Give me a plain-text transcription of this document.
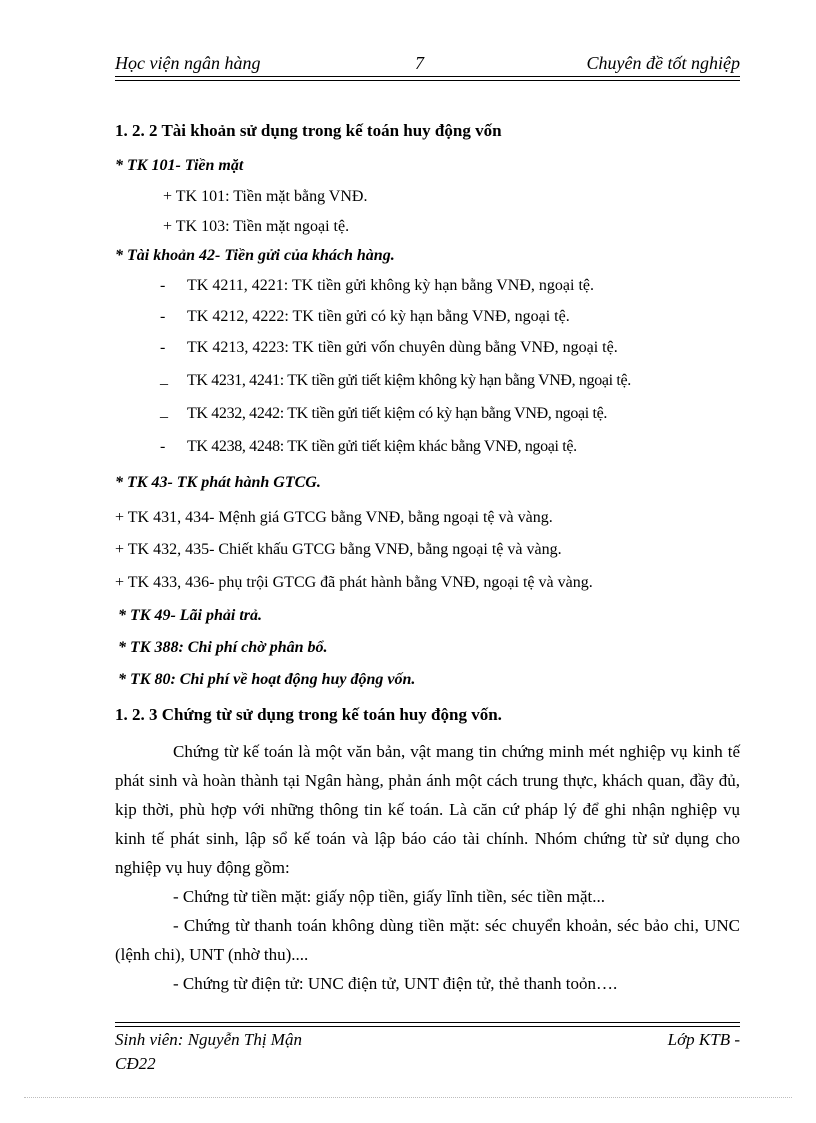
Học viện ngân hàng	7	Chuyên đề tốt nghiệp
1. 2. 2 Tài khoản sử dụng trong kế toán huy động vốn
* TK 101- Tiền mặt
+ TK 101: Tiền mặt bằng VNĐ.
+ TK 103: Tiền mặt ngoại tệ.
* Tài khoản 42- Tiền gửi của khách hàng.
- TK 4211, 4221: TK tiền gửi không kỳ hạn bằng VNĐ, ngoại tệ.
- TK 4212, 4222: TK tiền gửi có kỳ hạn bằng VNĐ, ngoại tệ.
- TK 4213, 4223: TK tiền gửi vốn chuyên dùng bằng VNĐ, ngoại tệ.
_ TK 4231, 4241: TK tiền gửi tiết kiệm không kỳ hạn bằng VNĐ, ngoại tệ.
_ TK 4232, 4242: TK tiền gửi tiết kiệm có kỳ hạn bằng VNĐ, ngoại tệ.
- TK 4238, 4248: TK tiền gửi tiết kiệm khác bằng VNĐ, ngoại tệ.
* TK 43- TK phát hành GTCG.
+ TK 431, 434- Mệnh giá GTCG bằng VNĐ, bằng ngoại tệ và vàng.
+ TK 432, 435- Chiết khấu GTCG bằng VNĐ, bằng ngoại tệ và vàng.
+ TK 433, 436- phụ trội GTCG đã phát hành bằng VNĐ, ngoại tệ và vàng.
* TK 49- Lãi phải trả.
* TK 388: Chi phí chờ phân bổ.
* TK 80: Chi phí về hoạt động huy động vốn.
1. 2. 3 Chứng từ sử dụng trong kế toán huy động vốn.
Chứng từ kế toán là một văn bản, vật mang tin chứng minh mét nghiệp vụ kinh tế phát sinh và hoàn thành tại Ngân hàng, phản ánh một cách trung thực, khách quan, đầy đủ, kịp thời, phù hợp với những thông tin kế toán. Là căn cứ pháp lý để ghi nhận nghiệp vụ kinh tế phát sinh, lập sổ kế toán và lập báo cáo tài chính. Nhóm chứng từ sử dụng cho nghiệp vụ huy động gồm:
- Chứng từ tiền mặt: giấy nộp tiền, giấy lĩnh tiền, séc tiền mặt...
- Chứng từ thanh toán không dùng tiền mặt: séc chuyển khoản, séc bảo chi, UNC (lệnh chi), UNT (nhờ thu)....
- Chứng từ điện tử: UNC điện tử, UNT điện tử, thẻ thanh toỏn….
Sinh viên: Nguyễn Thị Mận
CĐ22
Lớp KTB -
